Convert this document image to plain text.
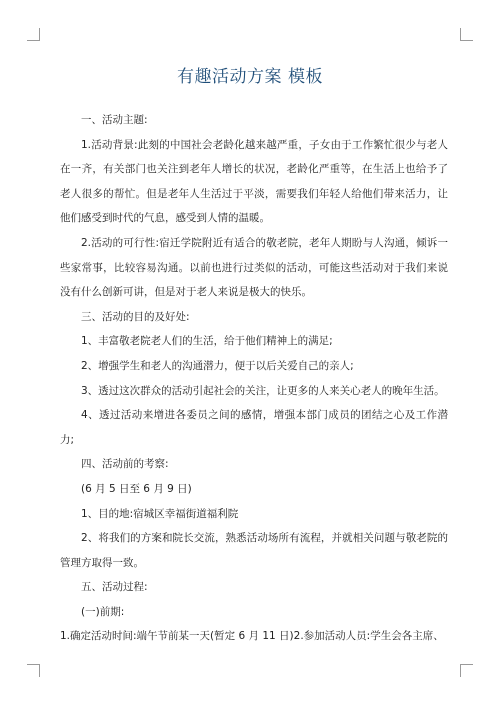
有趣活动方案 模板

一、活动主题:

1.活动背景:此刻的中国社会老龄化越来越严重，子女由于工作繁忙很少与老人在一齐，有关部门也关注到老年人增长的状况，老龄化严重等，在生活上也给予了老人很多的帮忙。但是老年人生活过于平淡，需要我们年轻人给他们带来活力，让他们感受到时代的气息，感受到人情的温暖。

2.活动的可行性:宿迁学院附近有适合的敬老院，老年人期盼与人沟通，倾诉一些家常事，比较容易沟通。以前也进行过类似的活动，可能这些活动对于我们来说没有什么创新可讲，但是对于老人来说是极大的快乐。

三、活动的目的及好处:

1、丰富敬老院老人们的生活，给于他们精神上的满足;

2、增强学生和老人的沟通潜力，便于以后关爱自己的亲人;

3、透过这次群众的活动引起社会的关注，让更多的人来关心老人的晚年生活。

4、透过活动来增进各委员之间的感情，增强本部门成员的团结之心及工作潜力;

四、活动前的考察:

(6 月 5 日至 6 月 9 日)

1、目的地:宿城区幸福街道福利院

2、将我们的方案和院长交流，熟悉活动场所有流程，并就相关问题与敬老院的管理方取得一致。

五、活动过程:

(一)前期:

1.确定活动时间:端午节前某一天(暂定 6 月 11 日)2.参加活动人员:学生会各主席、
